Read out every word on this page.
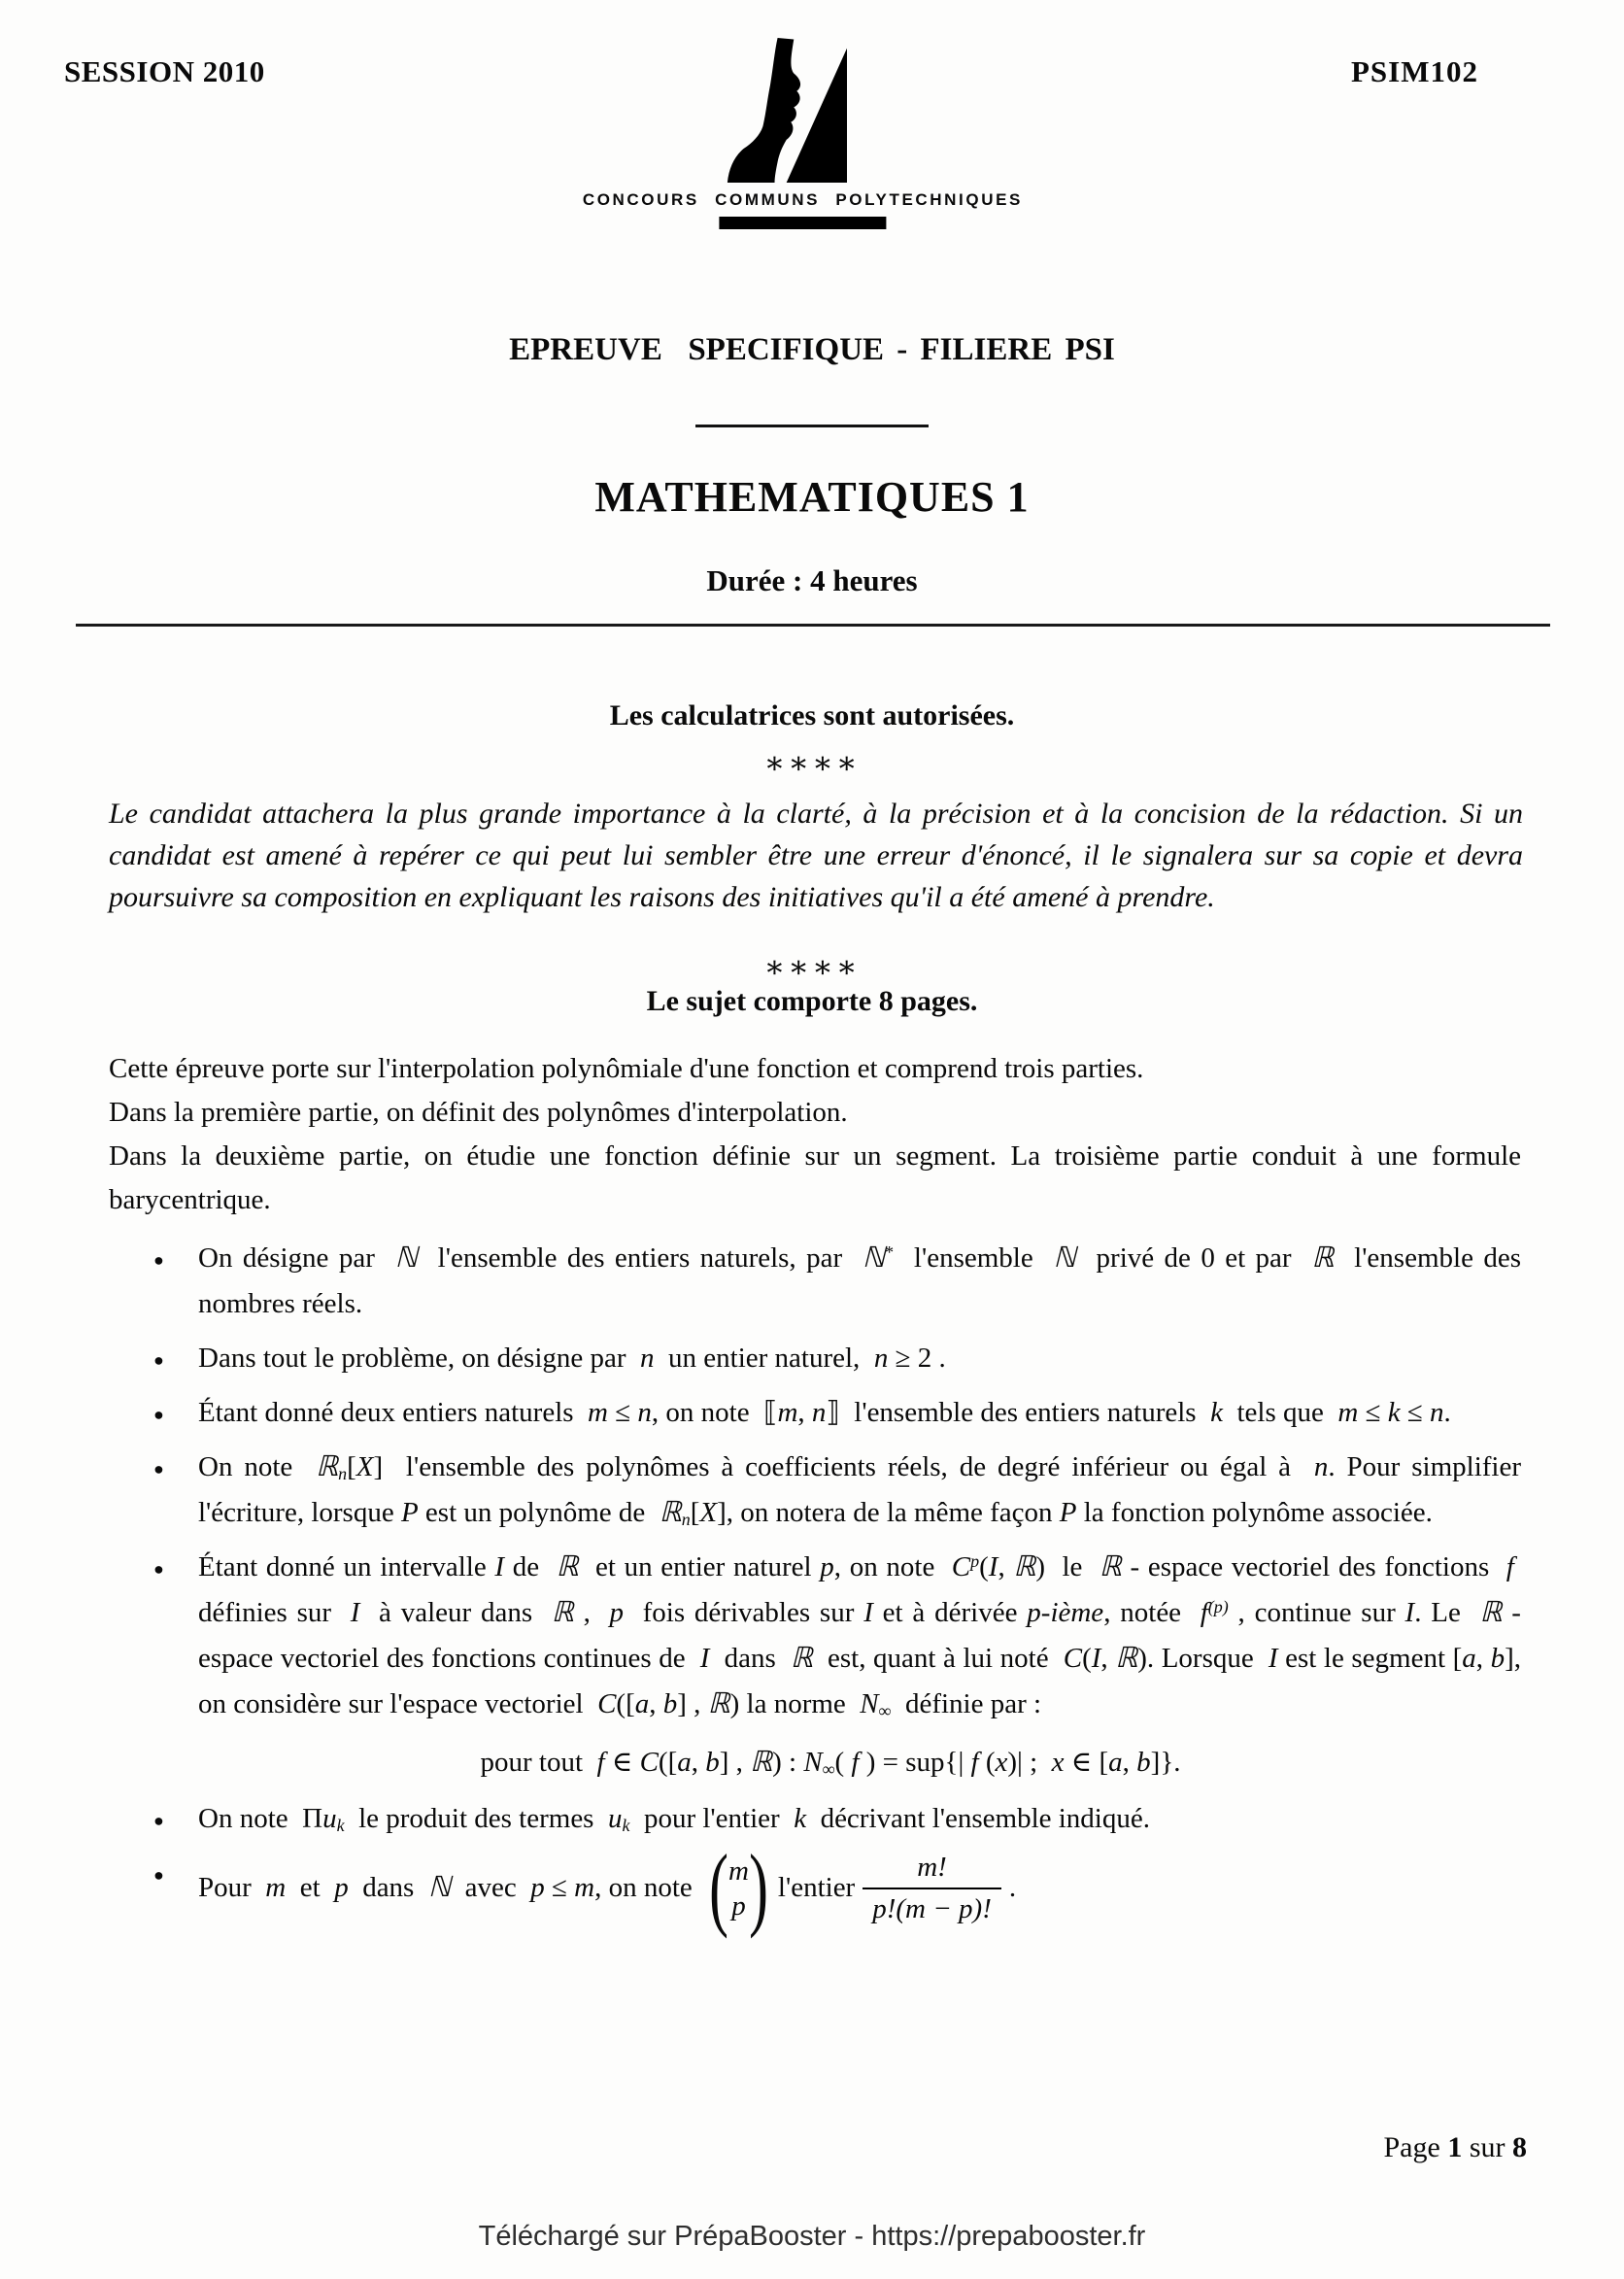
SESSION 2010	PSIM102
CONCOURS COMMUNS POLYTECHNIQUES
EPREUVE  SPECIFIQUE - FILIERE PSI
MATHEMATIQUES 1
Durée : 4 heures
Les calculatrices sont autorisées.
∗∗∗∗
Le candidat attachera la plus grande importance à la clarté, à la précision et à la concision de la rédaction. Si un candidat est amené à repérer ce qui peut lui sembler être une erreur d'énoncé, il le signalera sur sa copie et devra poursuivre sa composition en expliquant les raisons des initiatives qu'il a été amené à prendre.
∗∗∗∗
Le sujet comporte 8 pages.

Cette épreuve porte sur l'interpolation polynômiale d'une fonction et comprend trois parties.

Dans la première partie, on définit des polynômes d'interpolation.

Dans la deuxième partie, on étudie une fonction définie sur un segment. La troisième partie conduit à une formule barycentrique.

● On désigne par  ℕ  l'ensemble des entiers naturels, par  ℕ*  l'ensemble  ℕ  privé de 0 et par  ℝ  l'ensemble des nombres réels.
● Dans tout le problème, on désigne par  n  un entier naturel,  n ≥ 2 .
● Étant donné deux entiers naturels  m ≤ n, on note  ⟦m, n⟧  l'ensemble des entiers naturels  k  tels que  m ≤ k ≤ n.
● On note  ℝ$_n$[X]  l'ensemble des polynômes à coefficients réels, de degré inférieur ou égal à  n. Pour simplifier l'écriture, lorsque P est un polynôme de  ℝ$_n$[X], on notera de la même façon P la fonction polynôme associée.
● Étant donné un intervalle I de  ℝ  et un entier naturel p, on note  $C^p(I$, ℝ)  le  ℝ - espace vectoriel des fonctions  f  définies sur  I  à valeur dans  ℝ ,  p  fois dérivables sur I et à dérivée p-ième, notée  $f^{(p)}$ , continue sur I. Le  ℝ - espace vectoriel des fonctions continues de  I  dans  ℝ  est, quant à lui noté  C(I, ℝ). Lorsque  I est le segment [a, b], on considère sur l'espace vectoriel  C([a, b] , ℝ) la norme  $N_\infty$  définie par :
pour tout  f ∈ C([a, b] , ℝ) : $N_\infty$( f ) = sup{| f (x)| ;  x ∈ [a, b]}.
● On note  $\Pi u_k$  le produit des termes  $u_k$  pour l'entier  k  décrivant l'ensemble indiqué.
● Pour  m  et  p  dans  ℕ  avec  p ≤ m, on note ( m
p ) l'entier $\frac{m!}{p!(m - p)!}$ .
Page 1 sur 8
Téléchargé sur PrépaBooster - https://prepabooster.fr
